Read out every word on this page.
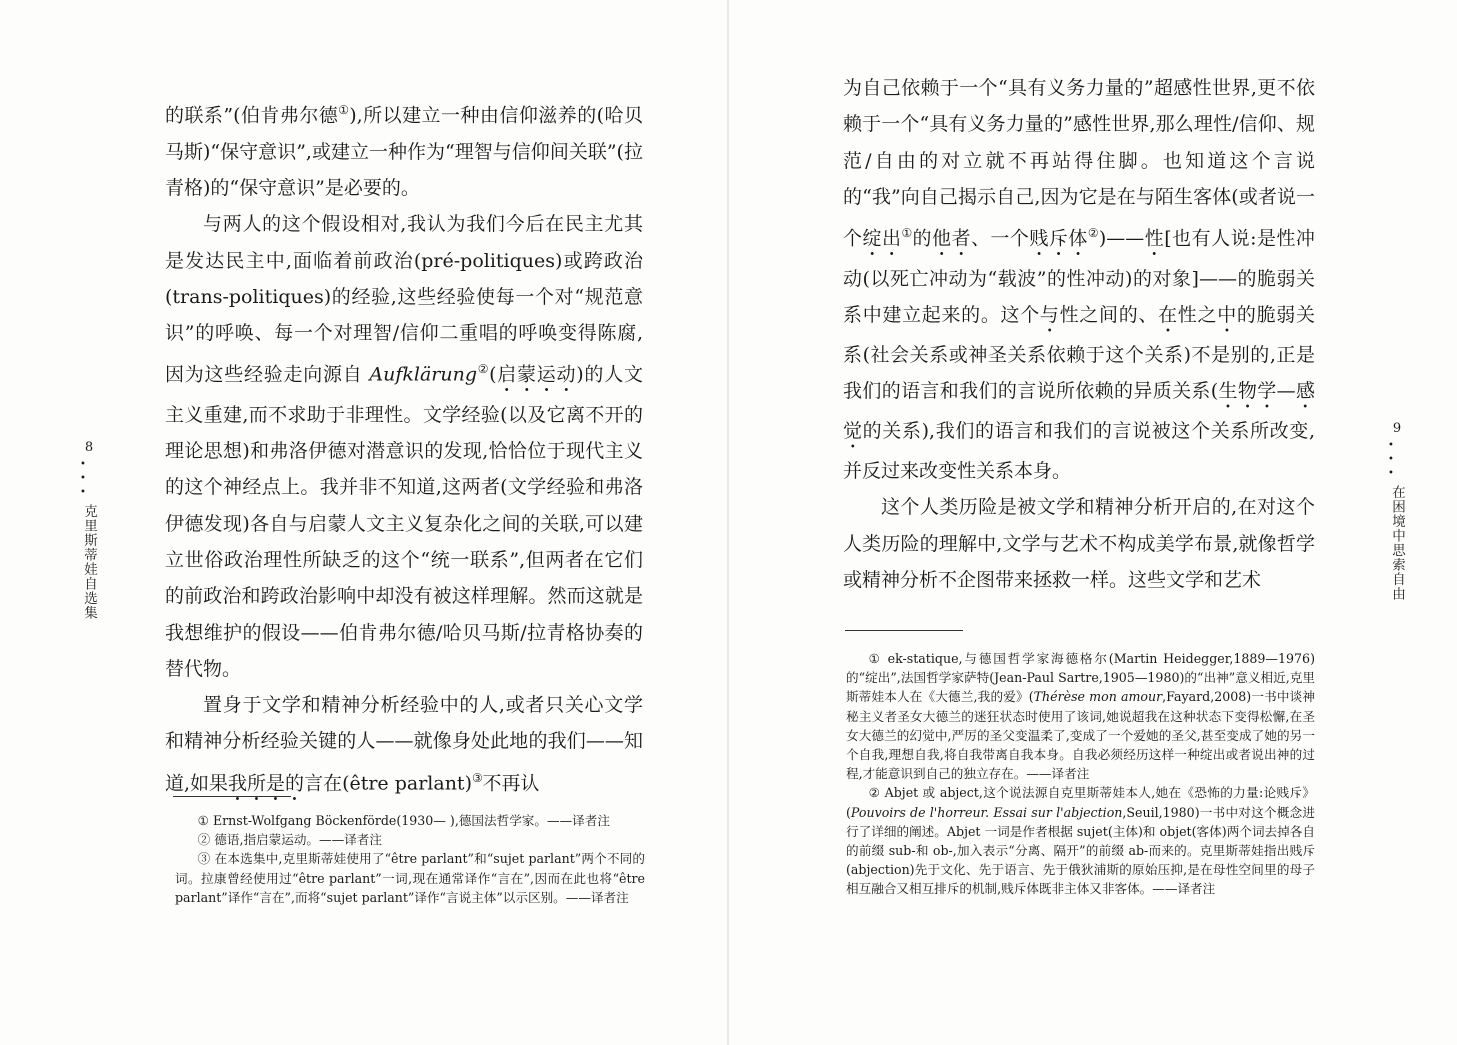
8
• • •
克里斯蒂娃自选集

的联系”(伯肯弗尔德①),所以建立一种由信仰滋养的(哈贝马斯)“保守意识”,或建立一种作为“理智与信仰间关联”(拉青格)的“保守意识”是必要的。

与两人的这个假设相对,我认为我们今后在民主尤其是发达民主中,面临着前政治(pré-politiques)或跨政治(trans-politiques)的经验,这些经验使每一个对“规范意识”的呼唤、每一个对理智/信仰二重唱的呼唤变得陈腐,因为这些经验走向源自 Aufklärung②(启蒙运动)的人文主义重建,而不求助于非理性。文学经验(以及它离不开的理论思想)和弗洛伊德对潜意识的发现,恰恰位于现代主义的这个神经点上。我并非不知道,这两者(文学经验和弗洛伊德发现)各自与启蒙人文主义复杂化之间的关联,可以建立世俗政治理性所缺乏的这个“统一联系”,但两者在它们的前政治和跨政治影响中却没有被这样理解。然而这就是我想维护的假设——伯肯弗尔德/哈贝马斯/拉青格协奏的替代物。

置身于文学和精神分析经验中的人,或者只关心文学和精神分析经验关键的人——就像身处此地的我们——知道,如果我所是的言在(être parlant)③不再认

① Ernst-Wolfgang Böckenförde(1930— ),德国法哲学家。——译者注

② 德语,指启蒙运动。——译者注

③ 在本选集中,克里斯蒂娃使用了“être parlant”和“sujet parlant”两个不同的词。拉康曾经使用过“être parlant”一词,现在通常译作“言在”,因而在此也将“être parlant”译作“言在”,而将“sujet parlant”译作“言说主体”以示区别。——译者注

9
• • •
在困境中思索自由

为自己依赖于一个“具有义务力量的”超感性世界,更不依赖于一个“具有义务力量的”感性世界,那么理性/信仰、规范/自由的对立就不再站得住脚。也知道这个言说的“我”向自己揭示自己,因为它是在与陌生客体(或者说一个绽出①的他者、一个贱斥体②)——性[也有人说:是性冲动(以死亡冲动为“载波”的性冲动)的对象]——的脆弱关系中建立起来的。这个与性之间的、在性之中的脆弱关系(社会关系或神圣关系依赖于这个关系)不是别的,正是我们的语言和我们的言说所依赖的异质关系(生物学—感觉的关系),我们的语言和我们的言说被这个关系所改变,并反过来改变性关系本身。

这个人类历险是被文学和精神分析开启的,在对这个人类历险的理解中,文学与艺术不构成美学布景,就像哲学或精神分析不企图带来拯救一样。这些文学和艺术

① ek-statique,与德国哲学家海德格尔(Martin Heidegger,1889—1976)的“绽出”,法国哲学家萨特(Jean-Paul Sartre,1905—1980)的“出神”意义相近,克里斯蒂娃本人在《大德兰,我的爱》(Thérèse mon amour,Fayard,2008)一书中谈神秘主义者圣女大德兰的迷狂状态时使用了该词,她说超我在这种状态下变得松懈,在圣女大德兰的幻觉中,严厉的圣父变温柔了,变成了一个爱她的圣父,甚至变成了她的另一个自我,理想自我,将自我带离自我本身。自我必须经历这样一种绽出或者说出神的过程,才能意识到自己的独立存在。——译者注

② Abjet 或 abject,这个说法源自克里斯蒂娃本人,她在《恐怖的力量:论贱斥》(Pouvoirs de l'horreur. Essai sur l'abjection,Seuil,1980)一书中对这个概念进行了详细的阐述。Abjet 一词是作者根据 sujet(主体)和 objet(客体)两个词去掉各自的前缀 sub-和 ob-,加入表示“分离、隔开”的前缀 ab-而来的。克里斯蒂娃指出贱斥(abjection)先于文化、先于语言、先于俄狄浦斯的原始压抑,是在母性空间里的母子相互融合又相互排斥的机制,贱斥体既非主体又非客体。——译者注
